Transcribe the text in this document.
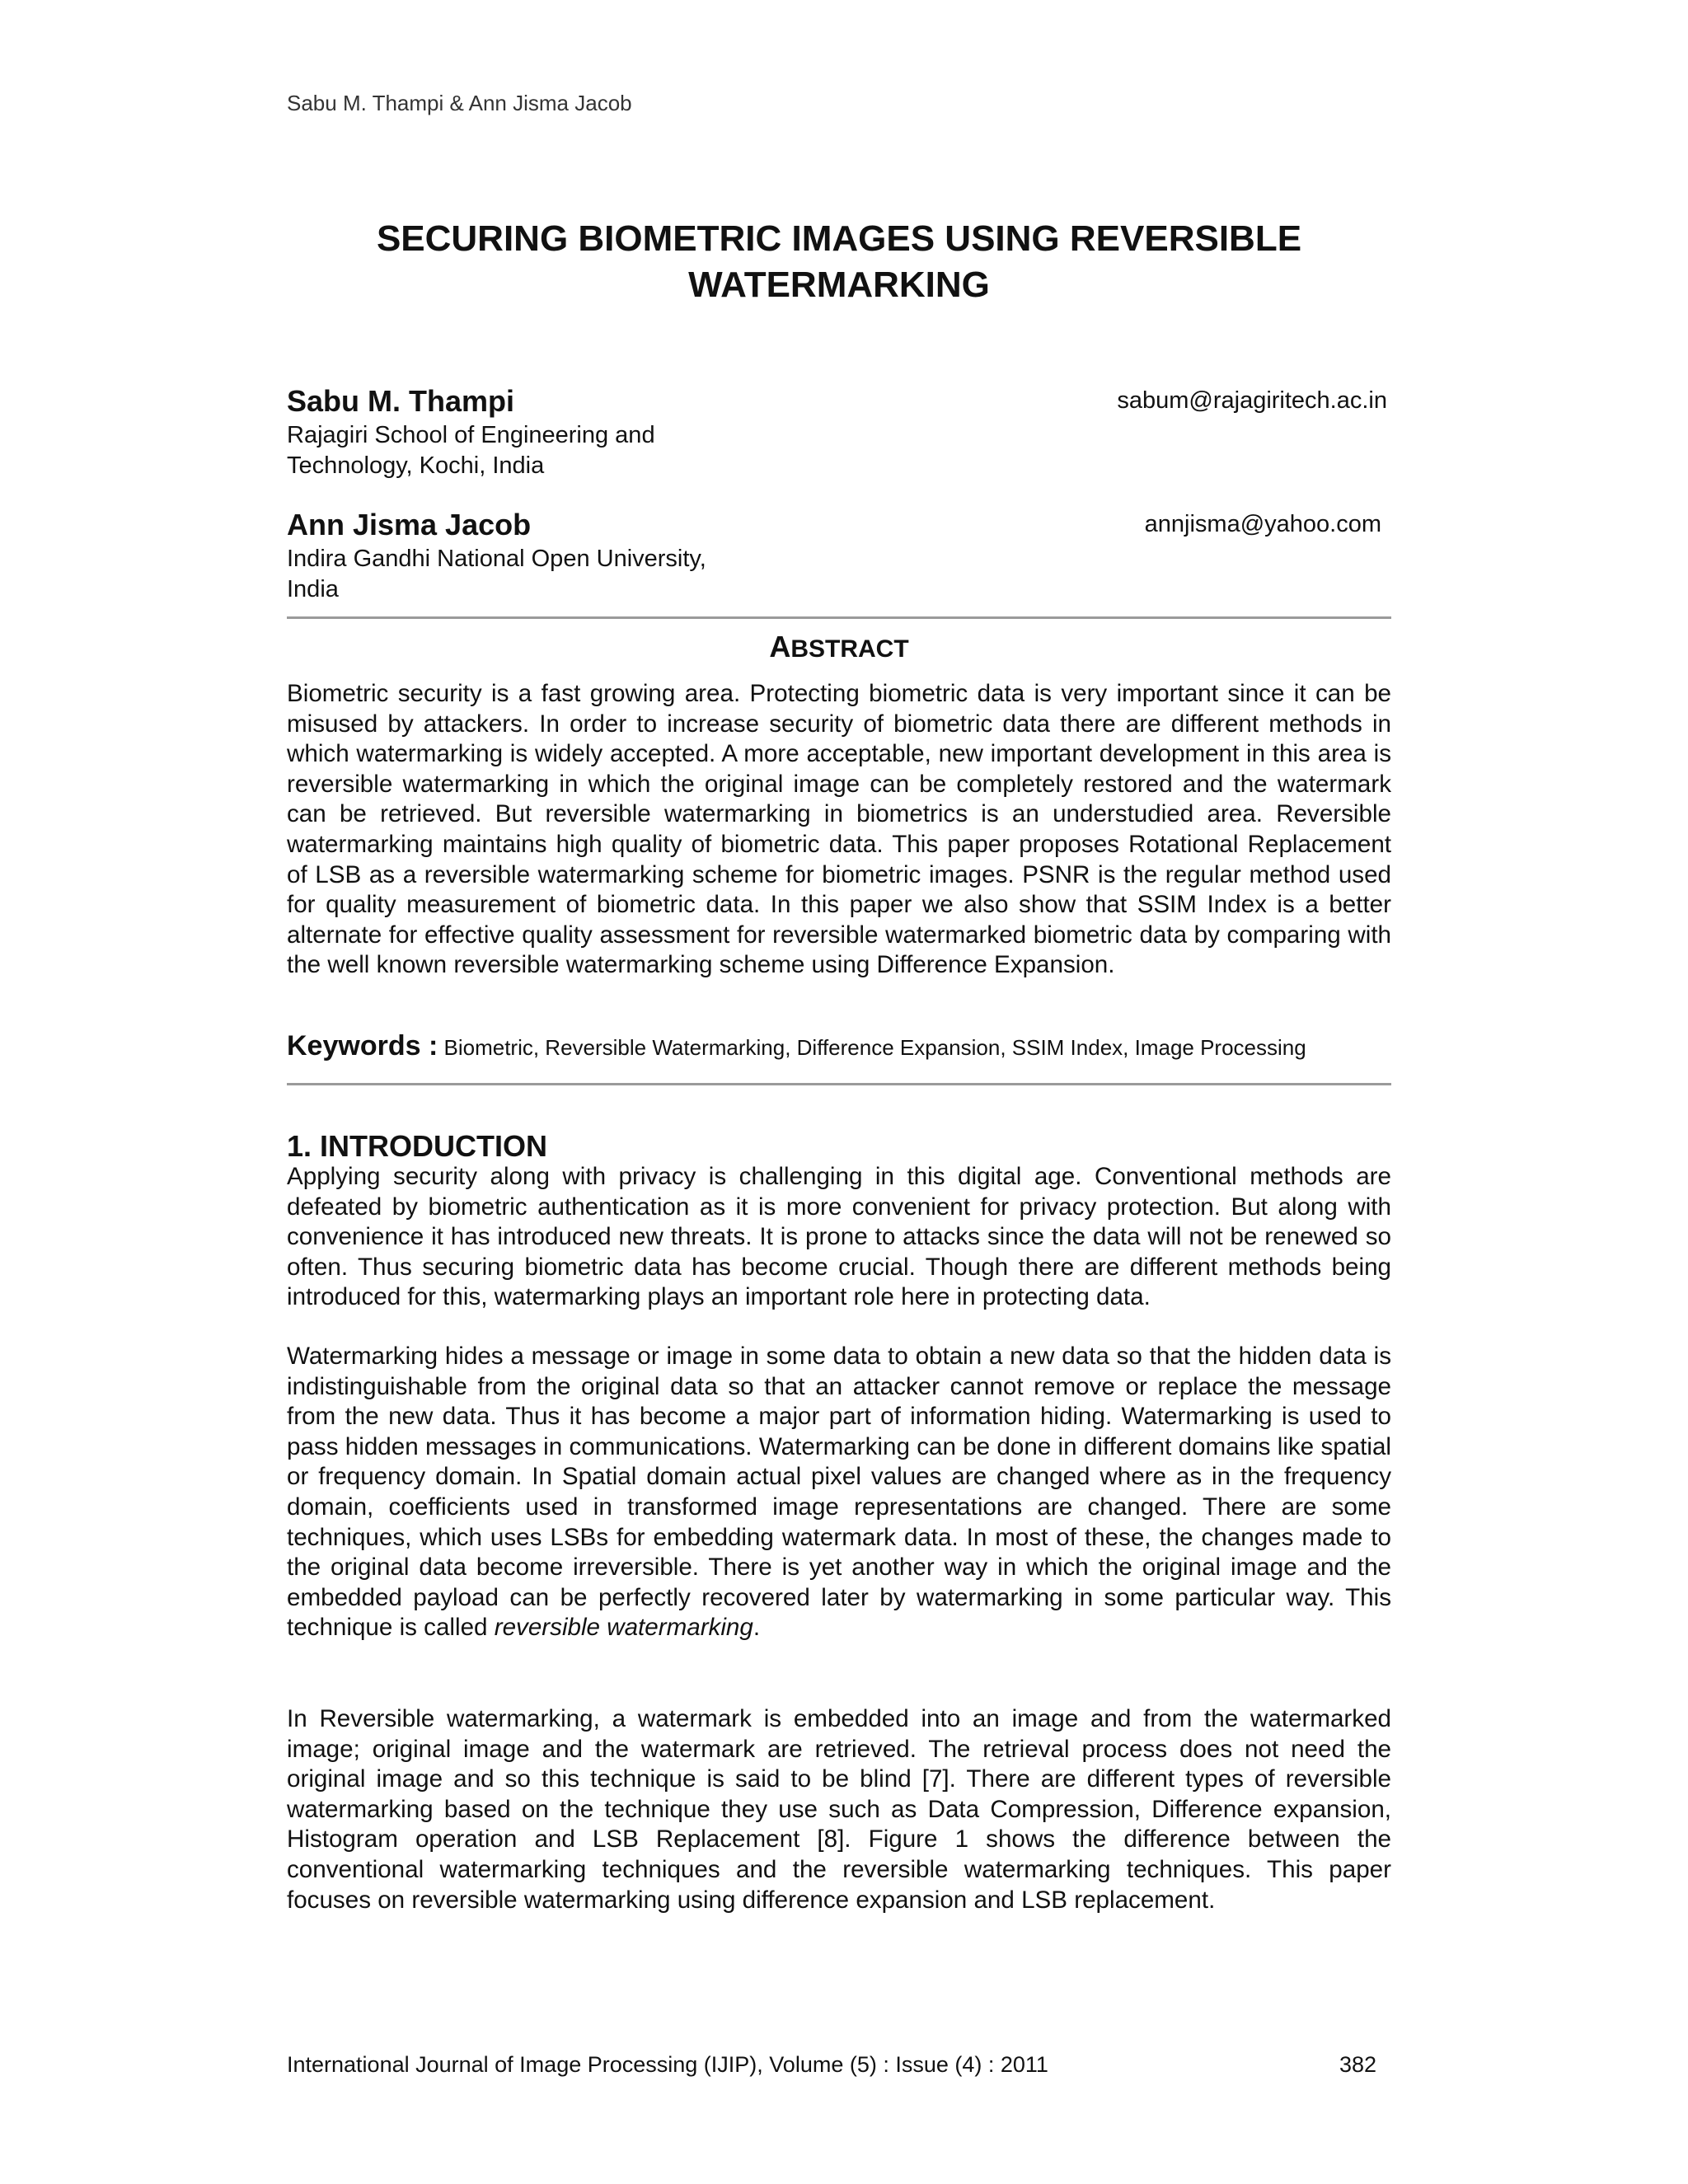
Sabu M. Thampi & Ann Jisma Jacob
SECURING BIOMETRIC IMAGES USING REVERSIBLE
WATERMARKING
Sabu M. Thampi	sabum@rajagiritech.ac.in
Rajagiri School of Engineering and
Technology, Kochi, India
Ann Jisma Jacob	annjisma@yahoo.com
Indira Gandhi National Open University,
India
ABSTRACT

Biometric security is a fast growing area. Protecting biometric data is very important since it can be misused by attackers. In order to increase security of biometric data there are different methods in which watermarking is widely accepted. A more acceptable, new important development in this area is reversible watermarking in which the original image can be completely restored and the watermark can be retrieved. But reversible watermarking in biometrics is an understudied area. Reversible watermarking maintains high quality of biometric data. This paper proposes Rotational Replacement of LSB as a reversible watermarking scheme for biometric images. PSNR is the regular method used for quality measurement of biometric data. In this paper we also show that SSIM Index is a better alternate for effective quality assessment for reversible watermarked biometric data by comparing with the well known reversible watermarking scheme using Difference Expansion.

Keywords : Biometric, Reversible Watermarking, Difference Expansion, SSIM Index, Image Processing
1. INTRODUCTION

Applying security along with privacy is challenging in this digital age. Conventional methods are defeated by biometric authentication as it is more convenient for privacy protection. But along with convenience it has introduced new threats. It is prone to attacks since the data will not be renewed so often. Thus securing biometric data has become crucial. Though there are different methods being introduced for this, watermarking plays an important role here in protecting data.

Watermarking hides a message or image in some data to obtain a new data so that the hidden data is indistinguishable from the original data so that an attacker cannot remove or replace the message from the new data. Thus it has become a major part of information hiding. Watermarking is used to pass hidden messages in communications. Watermarking can be done in different domains like spatial or frequency domain. In Spatial domain actual pixel values are changed where as in the frequency domain, coefficients used in transformed image representations are changed. There are some techniques, which uses LSBs for embedding watermark data. In most of these, the changes made to the original data become irreversible. There is yet another way in which the original image and the embedded payload can be perfectly recovered later by watermarking in some particular way. This technique is called reversible watermarking.

In Reversible watermarking, a watermark is embedded into an image and from the watermarked image; original image and the watermark are retrieved. The retrieval process does not need the original image and so this technique is said to be blind [7]. There are different types of reversible watermarking based on the technique they use such as Data Compression, Difference expansion, Histogram operation and LSB Replacement [8]. Figure 1 shows the difference between the conventional watermarking techniques and the reversible watermarking techniques. This paper focuses on reversible watermarking using difference expansion and LSB replacement.

International Journal of Image Processing (IJIP), Volume (5) : Issue (4) : 2011	382
